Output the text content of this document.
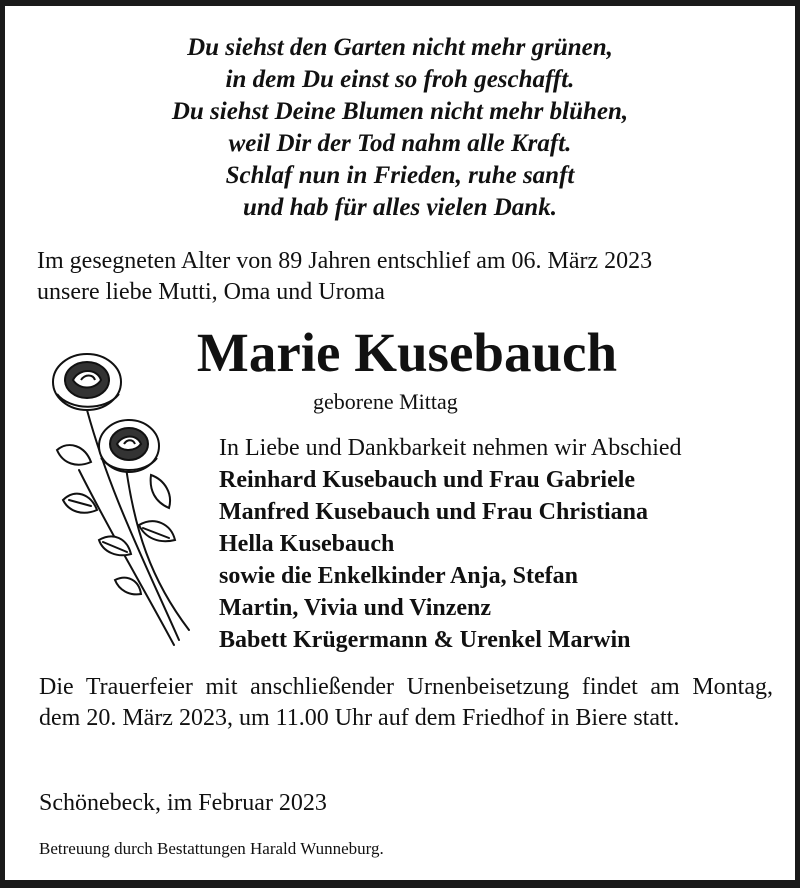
Du siehst den Garten nicht mehr grünen,
in dem Du einst so froh geschafft.
Du siehst Deine Blumen nicht mehr blühen,
weil Dir der Tod nahm alle Kraft.
Schlaf nun in Frieden, ruhe sanft
und hab für alles vielen Dank.
Im gesegneten Alter von 89 Jahren entschlief am 06. März 2023
unsere liebe Mutti, Oma und Uroma
Marie Kusebauch
geborene Mittag
In Liebe und Dankbarkeit nehmen wir Abschied
Reinhard Kusebauch und Frau Gabriele
Manfred Kusebauch und Frau Christiana
Hella Kusebauch
sowie die Enkelkinder Anja, Stefan
Martin, Vivia und Vinzenz
Babett Krügermann & Urenkel Marwin
Die Trauerfeier mit anschließender Urnenbeisetzung findet am Montag, dem 20. März 2023, um 11.00 Uhr auf dem Friedhof in Biere statt.
Schönebeck, im Februar 2023
Betreuung durch Bestattungen Harald Wunneburg.
